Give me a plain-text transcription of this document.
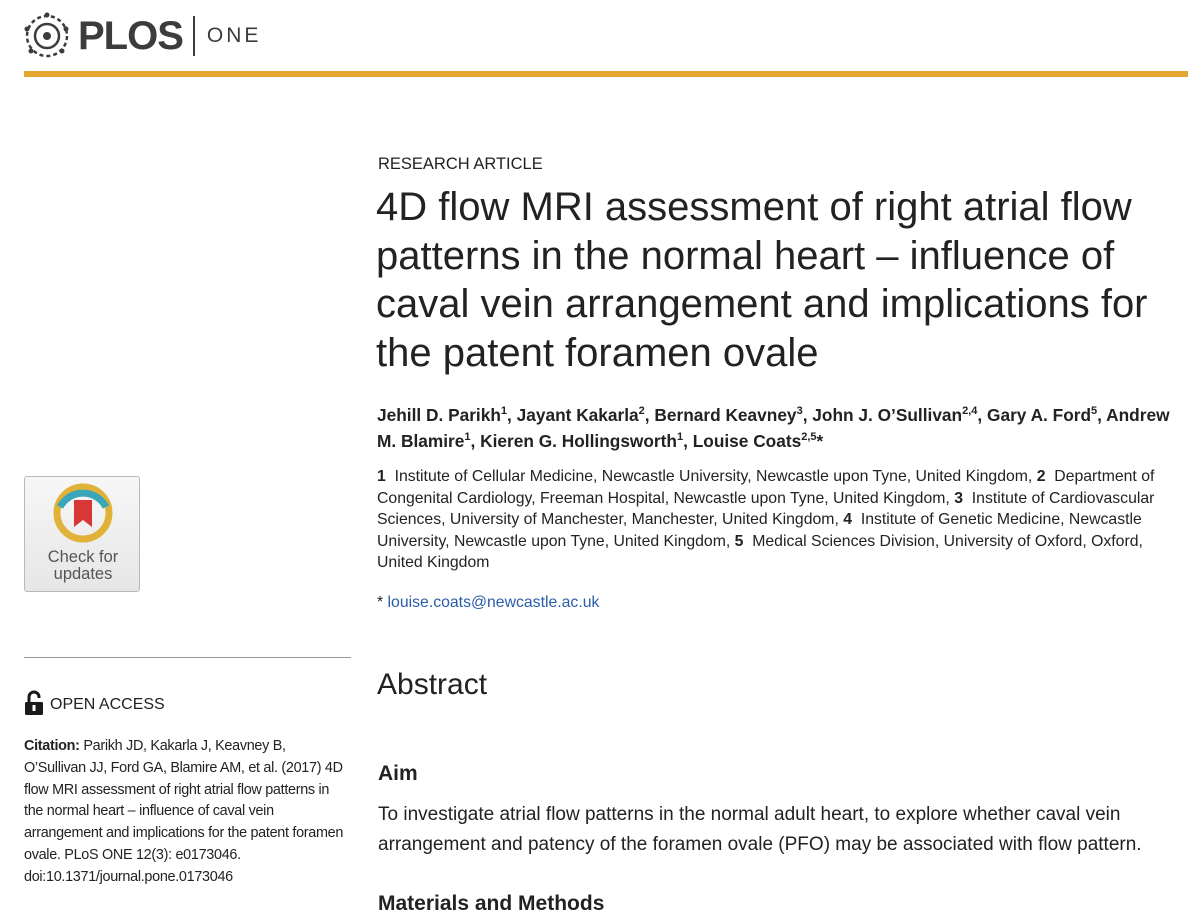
PLOS ONE
RESEARCH ARTICLE
4D flow MRI assessment of right atrial flow patterns in the normal heart – influence of caval vein arrangement and implications for the patent foramen ovale
Jehill D. Parikh$^1$, Jayant Kakarla$^2$, Bernard Keavney$^3$, John J. O’Sullivan$^{2,4}$, Gary A. Ford$^5$, Andrew M. Blamire$^1$, Kieren G. Hollingsworth$^1$, Louise Coats$^{2,5}$*
1 Institute of Cellular Medicine, Newcastle University, Newcastle upon Tyne, United Kingdom, 2 Department of Congenital Cardiology, Freeman Hospital, Newcastle upon Tyne, United Kingdom, 3 Institute of Cardiovascular Sciences, University of Manchester, Manchester, United Kingdom, 4 Institute of Genetic Medicine, Newcastle University, Newcastle upon Tyne, United Kingdom, 5 Medical Sciences Division, University of Oxford, Oxford, United Kingdom
* louise.coats@newcastle.ac.uk
Abstract
Aim
To investigate atrial flow patterns in the normal adult heart, to explore whether caval vein arrangement and patency of the foramen ovale (PFO) may be associated with flow pattern.
Materials and Methods
Check for updates
OPEN ACCESS
Citation: Parikh JD, Kakarla J, Keavney B, O’Sullivan JJ, Ford GA, Blamire AM, et al. (2017) 4D flow MRI assessment of right atrial flow patterns in the normal heart – influence of caval vein arrangement and implications for the patent foramen ovale. PLoS ONE 12(3): e0173046. doi:10.1371/journal.pone.0173046
